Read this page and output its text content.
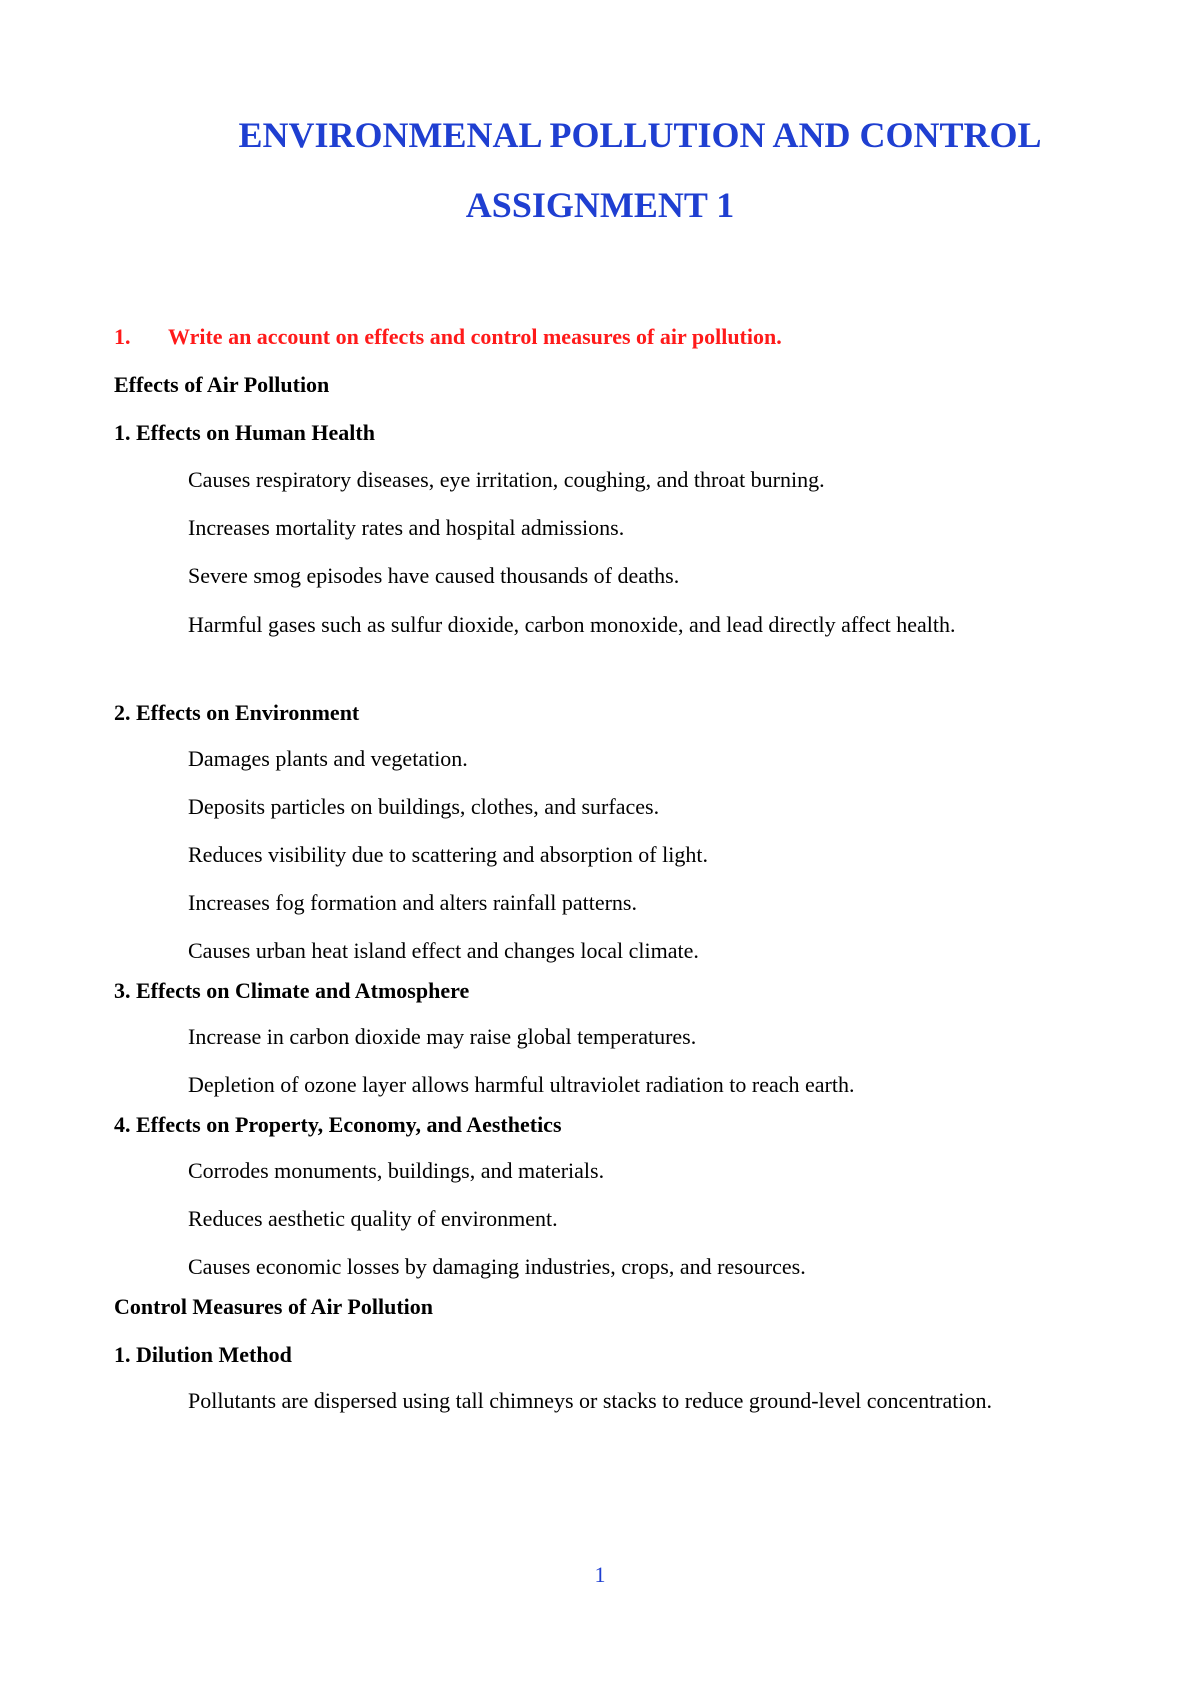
ENVIRONMENAL POLLUTION AND CONTROL
ASSIGNMENT 1
1. Write an account on effects and control measures of air pollution.
Effects of Air Pollution
1. Effects on Human Health
Causes respiratory diseases, eye irritation, coughing, and throat burning.
Increases mortality rates and hospital admissions.
Severe smog episodes have caused thousands of deaths.
Harmful gases such as sulfur dioxide, carbon monoxide, and lead directly affect health.
2. Effects on Environment
Damages plants and vegetation.
Deposits particles on buildings, clothes, and surfaces.
Reduces visibility due to scattering and absorption of light.
Increases fog formation and alters rainfall patterns.
Causes urban heat island effect and changes local climate.
3. Effects on Climate and Atmosphere
Increase in carbon dioxide may raise global temperatures.
Depletion of ozone layer allows harmful ultraviolet radiation to reach earth.
4. Effects on Property, Economy, and Aesthetics
Corrodes monuments, buildings, and materials.
Reduces aesthetic quality of environment.
Causes economic losses by damaging industries, crops, and resources.
Control Measures of Air Pollution
1. Dilution Method
Pollutants are dispersed using tall chimneys or stacks to reduce ground-level concentration.
1
